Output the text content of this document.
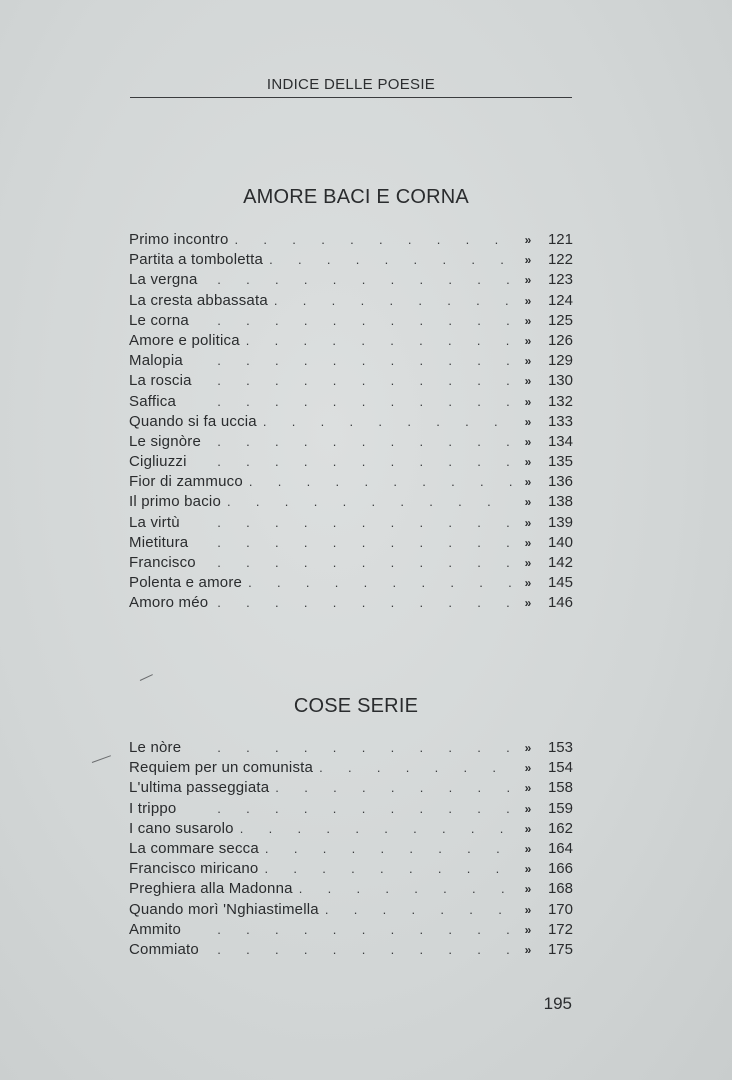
INDICE DELLE POESIE
AMORE BACI E CORNA
Primo incontro .	»	121
Partita a tomboletta .	»	122
La vergna .	»	123
La cresta abbassata .	»	124
Le corna .	»	125
Amore e politica .	»	126
Malopia .	»	129
La roscia .	»	130
Saffica .	»	132
Quando si fa uccia .	»	133
Le signòre .	»	134
Cigliuzzi .	»	135
Fior di zammuco .	»	136
Il primo bacio .	»	138
La virtù .	»	139
Mietitura .	»	140
Francisco .	»	142
Polenta e amore .	»	145
Amoro méo .	»	146
COSE SERIE
Le nòre .	»	153
Requiem per un comunista .	»	154
L'ultima passeggiata .	»	158
I trippo .	»	159
I cano susarolo .	»	162
La commare secca .	»	164
Francisco miricano .	»	166
Preghiera alla Madonna .	»	168
Quando morì 'Nghiastimella .	»	170
Ammito .	»	172
Commiato .	»	175
195
